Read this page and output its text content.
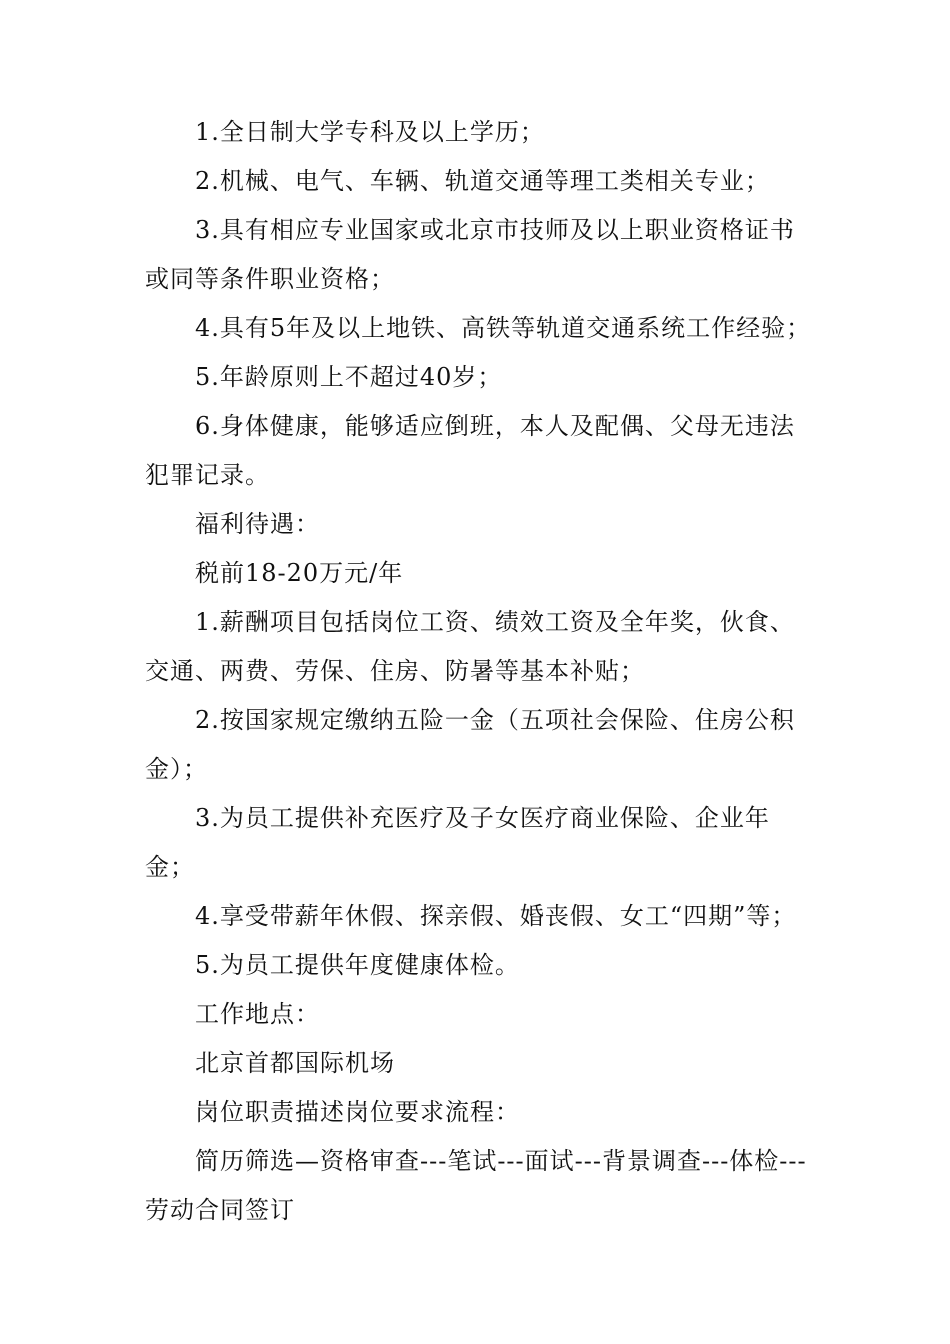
1.全日制大学专科及以上学历；

2.机械、电气、车辆、轨道交通等理工类相关专业；

3.具有相应专业国家或北京市技师及以上职业资格证书或同等条件职业资格；

4.具有5年及以上地铁、高铁等轨道交通系统工作经验；

5.年龄原则上不超过40岁；

6.身体健康，能够适应倒班，本人及配偶、父母无违法犯罪记录。

福利待遇：

税前18-20万元/年

1.薪酬项目包括岗位工资、绩效工资及全年奖，伙食、交通、两费、劳保、住房、防暑等基本补贴；

2.按国家规定缴纳五险一金（五项社会保险、住房公积金）；

3.为员工提供补充医疗及子女医疗商业保险、企业年金；

4.享受带薪年休假、探亲假、婚丧假、女工“四期”等；

5.为员工提供年度健康体检。

工作地点：

北京首都国际机场

岗位职责描述岗位要求流程：

简历筛选—资格审查---笔试---面试---背景调查---体检---劳动合同签订
